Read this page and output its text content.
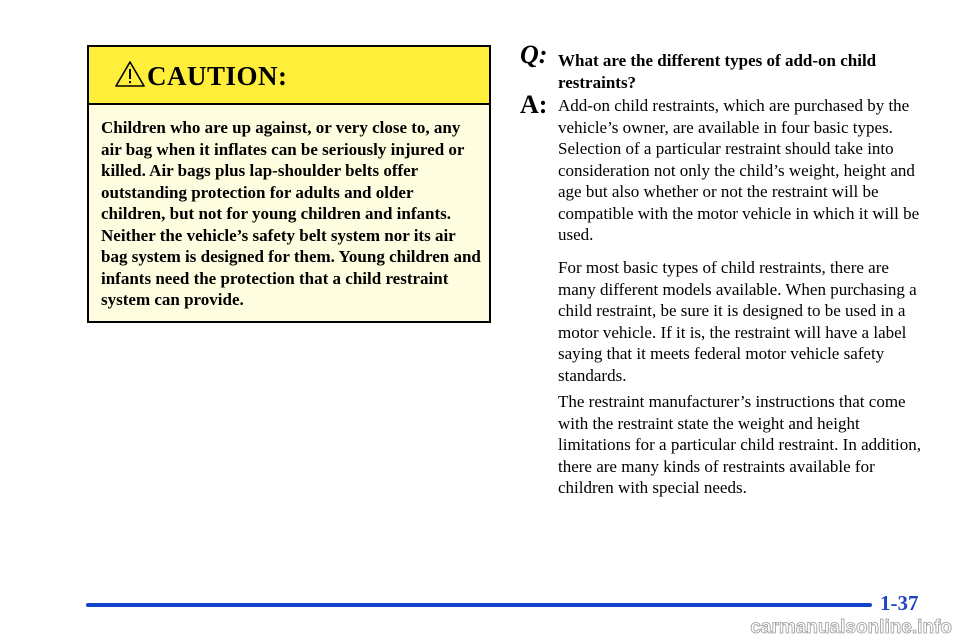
CAUTION:

Children who are up against, or very close to, any air bag when it inflates can be seriously injured or killed. Air bags plus lap-shoulder belts offer outstanding protection for adults and older children, but not for young children and infants. Neither the vehicle’s safety belt system nor its air bag system is designed for them. Young children and infants need the protection that a child restraint system can provide.

Q: What are the different types of add-on child restraints?

A: Add-on child restraints, which are purchased by the vehicle’s owner, are available in four basic types. Selection of a particular restraint should take into consideration not only the child’s weight, height and age but also whether or not the restraint will be compatible with the motor vehicle in which it will be used.

For most basic types of child restraints, there are many different models available. When purchasing a child restraint, be sure it is designed to be used in a motor vehicle. If it is, the restraint will have a label saying that it meets federal motor vehicle safety standards.

The restraint manufacturer’s instructions that come with the restraint state the weight and height limitations for a particular child restraint. In addition, there are many kinds of restraints available for children with special needs.

1-37
carmanualsonline.info
